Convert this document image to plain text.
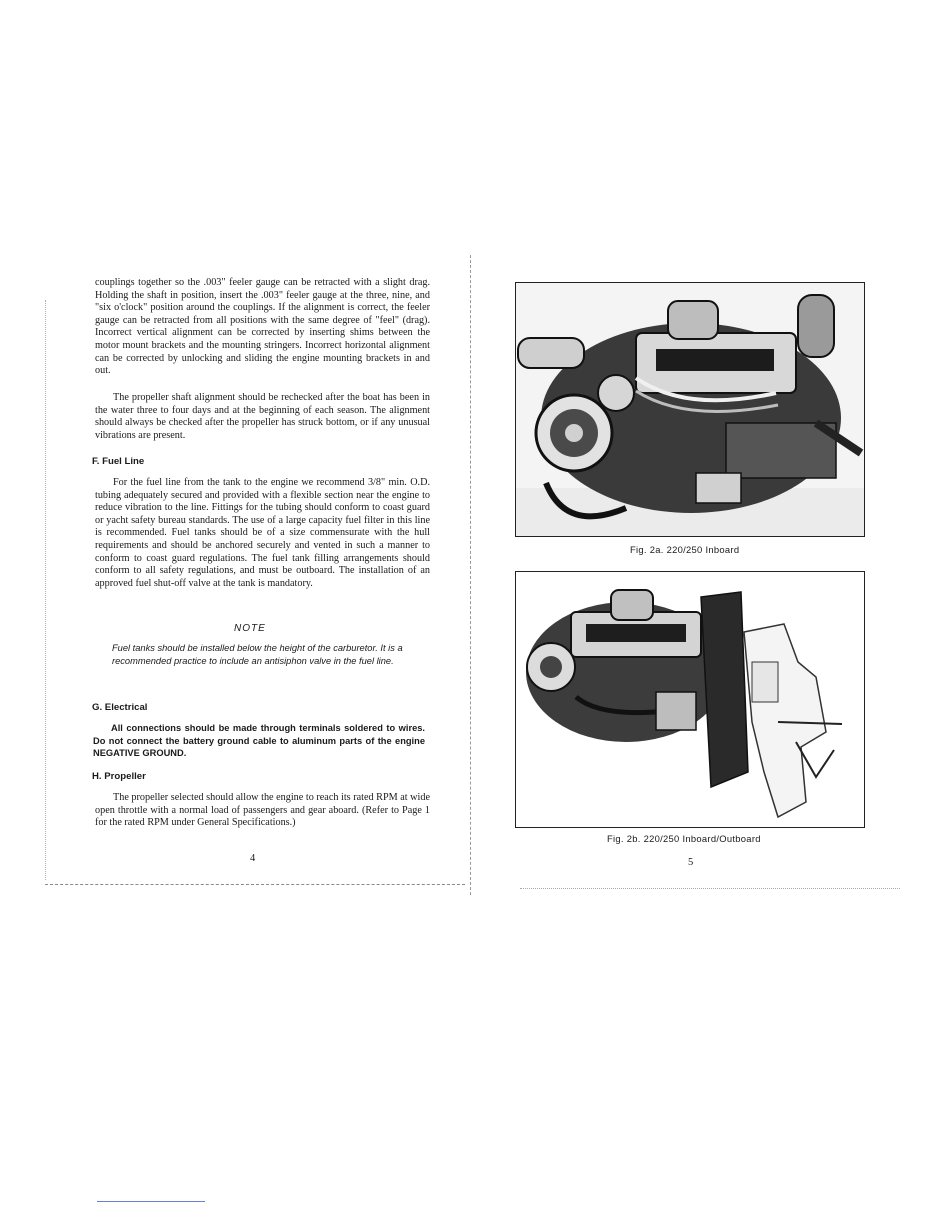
couplings together so the .003" feeler gauge can be retracted with a slight drag. Holding the shaft in position, insert the .003" feeler gauge at the three, nine, and "six o'clock" position around the couplings. If the alignment is correct, the feeler gauge can be retracted from all positions with the same degree of "feel" (drag). Incorrect vertical alignment can be corrected by inserting shims between the motor mount brackets and the mounting stringers. Incorrect horizontal alignment can be corrected by unlocking and sliding the engine mounting brackets in and out.

The propeller shaft alignment should be rechecked after the boat has been in the water three to four days and at the beginning of each season. The alignment should always be checked after the propeller has struck bottom, or if any unusual vibrations are present.

F. Fuel Line

For the fuel line from the tank to the engine we recommend 3/8" min. O.D. tubing adequately secured and provided with a flexible section near the engine to reduce vibration to the line. Fittings for the tubing should conform to coast guard or yacht safety bureau standards. The use of a large capacity fuel filter in this line is recommended. Fuel tanks should be of a size commensurate with the hull requirements and should be anchored securely and vented in such a manner to conform to coast guard regulations. The fuel tank filling arrangements should conform to all safety regulations, and must be outboard. The installation of an approved fuel shut-off valve at the tank is mandatory.

NOTE

Fuel tanks should be installed below the height of the carburetor. It is a recommended practice to include an antisiphon valve in the fuel line.

G. Electrical

All connections should be made through terminals soldered to wires. Do not connect the battery ground cable to aluminum parts of the engine NEGATIVE GROUND.

H. Propeller

The propeller selected should allow the engine to reach its rated RPM at wide open throttle with a normal load of passengers and gear aboard. (Refer to Page 1 for the rated RPM under General Specifications.)

4

Fig. 2a. 220/250 Inboard

Fig. 2b. 220/250 Inboard/Outboard

5
